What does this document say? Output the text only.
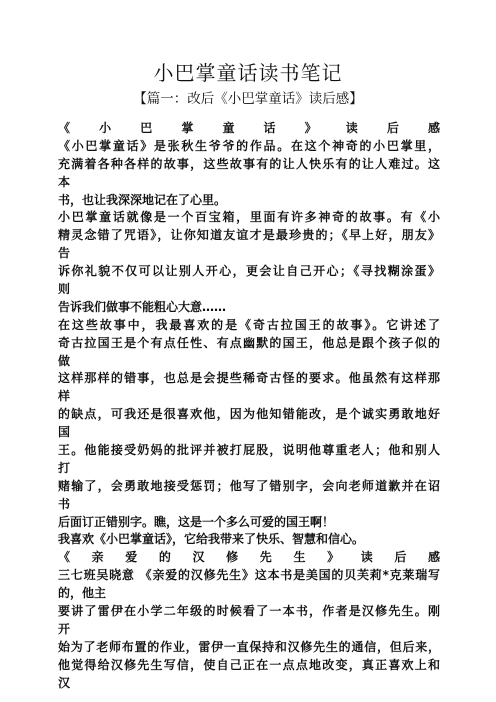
小巴掌童话读书笔记
【篇一：改后《小巴掌童话》读后感】
《小巴掌童话》读后感
《小巴掌童话》是张秋生爷爷的作品。在这个神奇的小巴掌里，
充满着各种各样的故事，这些故事有的让人快乐有的让人难过。这
本
书，也让我深深地记在了心里。
小巴掌童话就像是一个百宝箱，里面有许多神奇的故事。有《小
精灵念错了咒语》，让你知道友谊才是最珍贵的；《早上好，朋友》
告
诉你礼貌不仅可以让别人开心，更会让自己开心；《寻找糊涂蛋》
则
告诉我们做事不能粗心大意……
在这些故事中，我最喜欢的是《奇古拉国王的故事》。它讲述了
奇古拉国王是个有点任性、有点幽默的国王，他总是跟个孩子似的
做
这样那样的错事，也总是会提些稀奇古怪的要求。他虽然有这样那
样
的缺点，可我还是很喜欢他，因为他知错能改，是个诚实勇敢地好
国
王。他能接受奶妈的批评并被打屁股，说明他尊重老人；他和别人
打
赌输了，会勇敢地接受惩罚；他写了错别字，会向老师道歉并在诏
书
后面订正错别字。瞧，这是一个多么可爱的国王啊！
我喜欢《小巴掌童话》，它给我带来了快乐、智慧和信心。
《亲爱的汉修先生》读后感
三七班吴晓意 《亲爱的汉修先生》这本书是美国的贝芙莉*克莱瑞写
的，他主
要讲了雷伊在小学二年级的时候看了一本书，作者是汉修先生。刚
开
始为了老师布置的作业，雷伊一直保持和汉修先生的通信，但后来，
他觉得给汉修先生写信，使自己正在一点点地改变，真正喜欢上和
汉
